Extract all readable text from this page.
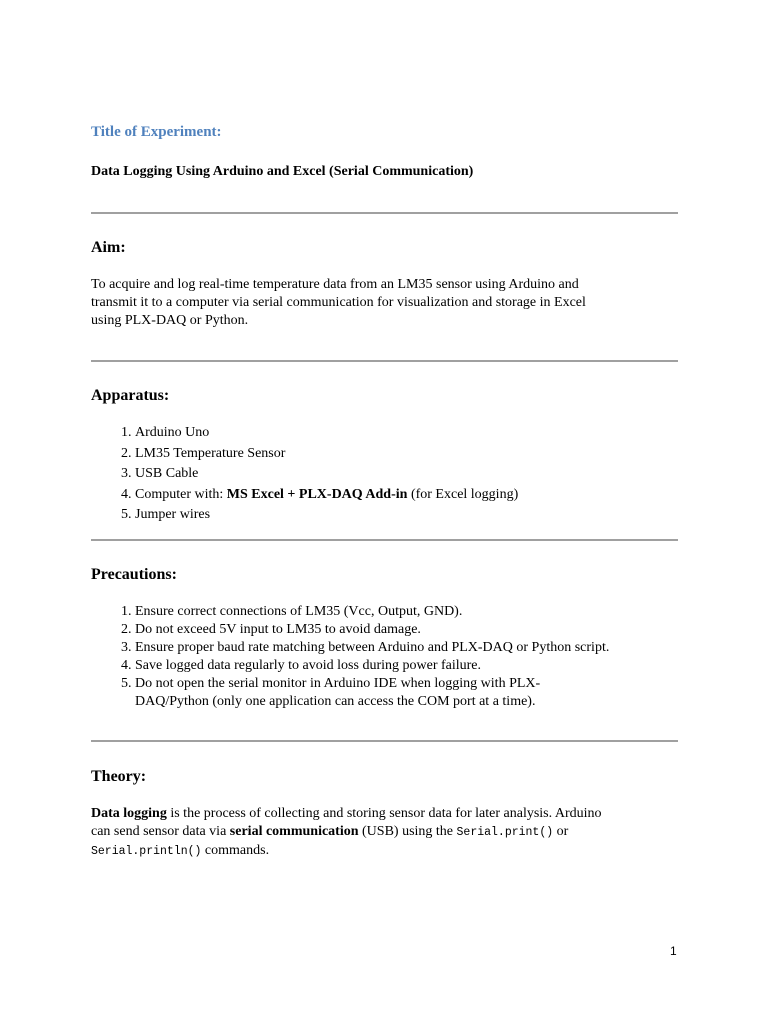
Title of Experiment:
Data Logging Using Arduino and Excel (Serial Communication)
Aim:

To acquire and log real-time temperature data from an LM35 sensor using Arduino and

transmit it to a computer via serial communication for visualization and storage in Excel

using PLX-DAQ or Python.

Apparatus:
1. Arduino Uno
2. LM35 Temperature Sensor
3. USB Cable
4. Computer with: MS Excel + PLX-DAQ Add-in (for Excel logging)
5. Jumper wires
Precautions:
1. Ensure correct connections of LM35 (Vcc, Output, GND).
2. Do not exceed 5V input to LM35 to avoid damage.
3. Ensure proper baud rate matching between Arduino and PLX-DAQ or Python script.
4. Save logged data regularly to avoid loss during power failure.
5. Do not open the serial monitor in Arduino IDE when logging with PLX-
DAQ/Python (only one application can access the COM port at a time).
Theory:

Data logging is the process of collecting and storing sensor data for later analysis. Arduino

can send sensor data via serial communication (USB) using the Serial.print() or

Serial.println() commands.

1
